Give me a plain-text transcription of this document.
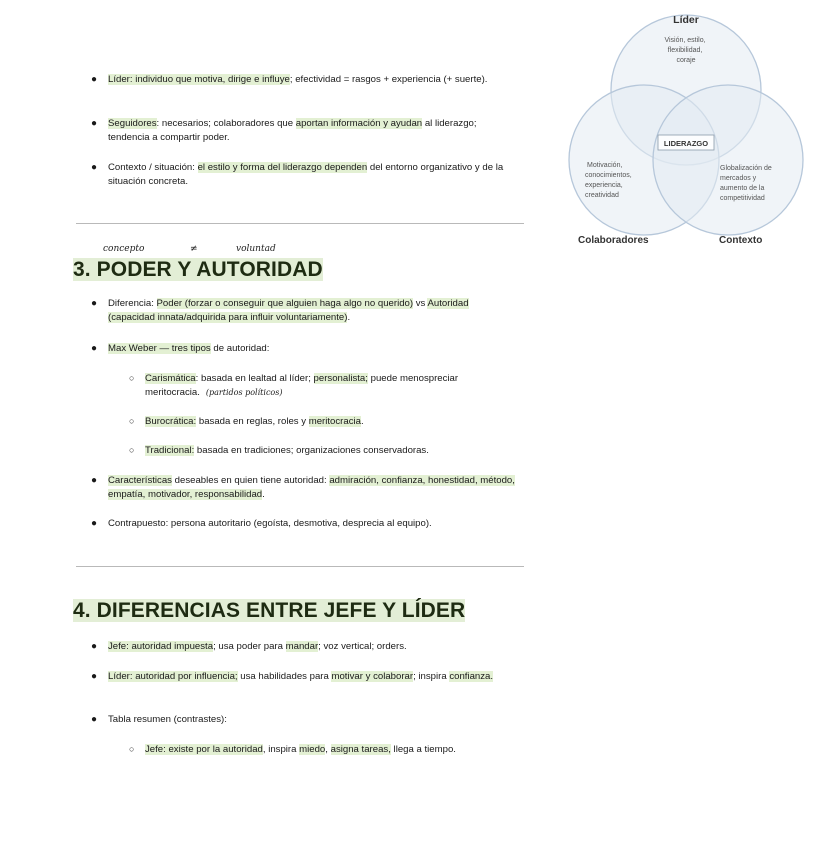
● Líder: individuo que motiva, dirige e influye; efectividad = rasgos + experiencia (+ suerte).
● Seguidores: necesarios; colaboradores que aportan información y ayudan al liderazgo; tendencia a compartir poder.
● Contexto / situación: el estilo y forma del liderazgo dependen del entorno organizativo y de la situación concreta.
Líder
Visión, estilo, flexibilidad, coraje
LIDERAZGO
Motivación, conocimientos, experiencia, creatividad
Globalización de mercados y aumento de la competitividad
Colaboradores	Contexto
concepto	≠	voluntad
3. PODER Y AUTORIDAD
● Diferencia: Poder (forzar o conseguir que alguien haga algo no querido) vs Autoridad (capacidad innata/adquirida para influir voluntariamente).
● Max Weber — tres tipos de autoridad:
○ Carismática: basada en lealtad al líder; personalista; puede menospreciar meritocracia. (partidos políticos)
○ Burocrática: basada en reglas, roles y meritocracia.
○ Tradicional: basada en tradiciones; organizaciones conservadoras.
● Características deseables en quien tiene autoridad: admiración, confianza, honestidad, método, empatía, motivador, responsabilidad.
● Contrapuesto: persona autoritario (egoísta, desmotiva, desprecia al equipo).
4. DIFERENCIAS ENTRE JEFE Y LÍDER
● Jefe: autoridad impuesta; usa poder para mandar; voz vertical; orders.
● Líder: autoridad por influencia; usa habilidades para motivar y colaborar; inspira confianza.
● Tabla resumen (contrastes):
○ Jefe: existe por la autoridad, inspira miedo, asigna tareas, llega a tiempo.
